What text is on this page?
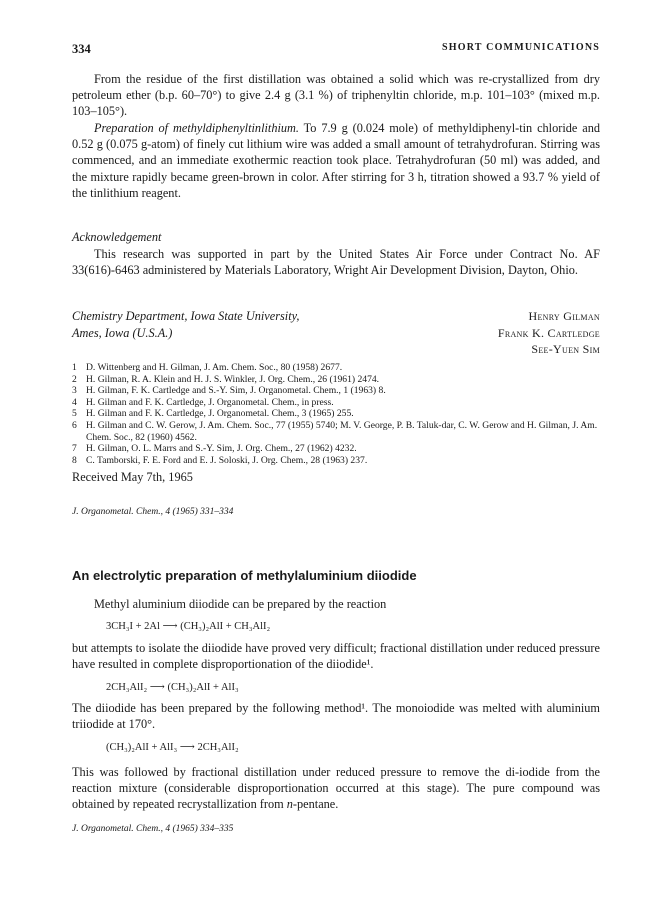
334	SHORT COMMUNICATIONS

From the residue of the first distillation was obtained a solid which was re-crystallized from dry petroleum ether (b.p. 60–70°) to give 2.4 g (3.1 %) of triphenyltin chloride, m.p. 101–103° (mixed m.p. 103–105°).

Preparation of methyldiphenyltinlithium. To 7.9 g (0.024 mole) of methyldiphenyl-tin chloride and 0.52 g (0.075 g-atom) of finely cut lithium wire was added a small amount of tetrahydrofuran. Stirring was commenced, and an immediate exothermic reaction took place. Tetrahydrofuran (50 ml) was added, and the mixture rapidly became green-brown in color. After stirring for 3 h, titration showed a 93.7 % yield of the tinlithium reagent.

Acknowledgement

This research was supported in part by the United States Air Force under Contract No. AF 33(616)-6463 administered by Materials Laboratory, Wright Air Development Division, Dayton, Ohio.

Chemistry Department, Iowa State University,
Ames, Iowa (U.S.A.)
Henry Gilman
Frank K. Cartledge
See-Yuen Sim
1 D. Wittenberg and H. Gilman, J. Am. Chem. Soc., 80 (1958) 2677.
2 H. Gilman, R. A. Klein and H. J. S. Winkler, J. Org. Chem., 26 (1961) 2474.
3 H. Gilman, F. K. Cartledge and S.-Y. Sim, J. Organometal. Chem., 1 (1963) 8.
4 H. Gilman and F. K. Cartledge, J. Organometal. Chem., in press.
5 H. Gilman and F. K. Cartledge, J. Organometal. Chem., 3 (1965) 255.
6 H. Gilman and C. W. Gerow, J. Am. Chem. Soc., 77 (1955) 5740; M. V. George, P. B. Taluk-dar, C. W. Gerow and H. Gilman, J. Am. Chem. Soc., 82 (1960) 4562.
7 H. Gilman, O. L. Marrs and S.-Y. Sim, J. Org. Chem., 27 (1962) 4232.
8 C. Tamborski, F. E. Ford and E. J. Soloski, J. Org. Chem., 28 (1963) 237.
Received May 7th, 1965
J. Organometal. Chem., 4 (1965) 331–334
An electrolytic preparation of methylaluminium diiodide

Methyl aluminium diiodide can be prepared by the reaction

3CH₃I + 2Al ⟶ (CH₃)₂AlI + CH₃AlI₂

but attempts to isolate the diiodide have proved very difficult; fractional distillation under reduced pressure have resulted in complete disproportionation of the diiodide¹.

2CH₃AlI₂ ⟶ (CH₃)₂AlI + AlI₃

The diiodide has been prepared by the following method¹. The monoiodide was melted with aluminium triiodide at 170°.

(CH₃)₂AlI + AlI₃ ⟶ 2CH₃AlI₂

This was followed by fractional distillation under reduced pressure to remove the di-iodide from the reaction mixture (considerable disproportionation occurred at this stage). The pure compound was obtained by repeated recrystallization from n-pentane.

J. Organometal. Chem., 4 (1965) 334–335
